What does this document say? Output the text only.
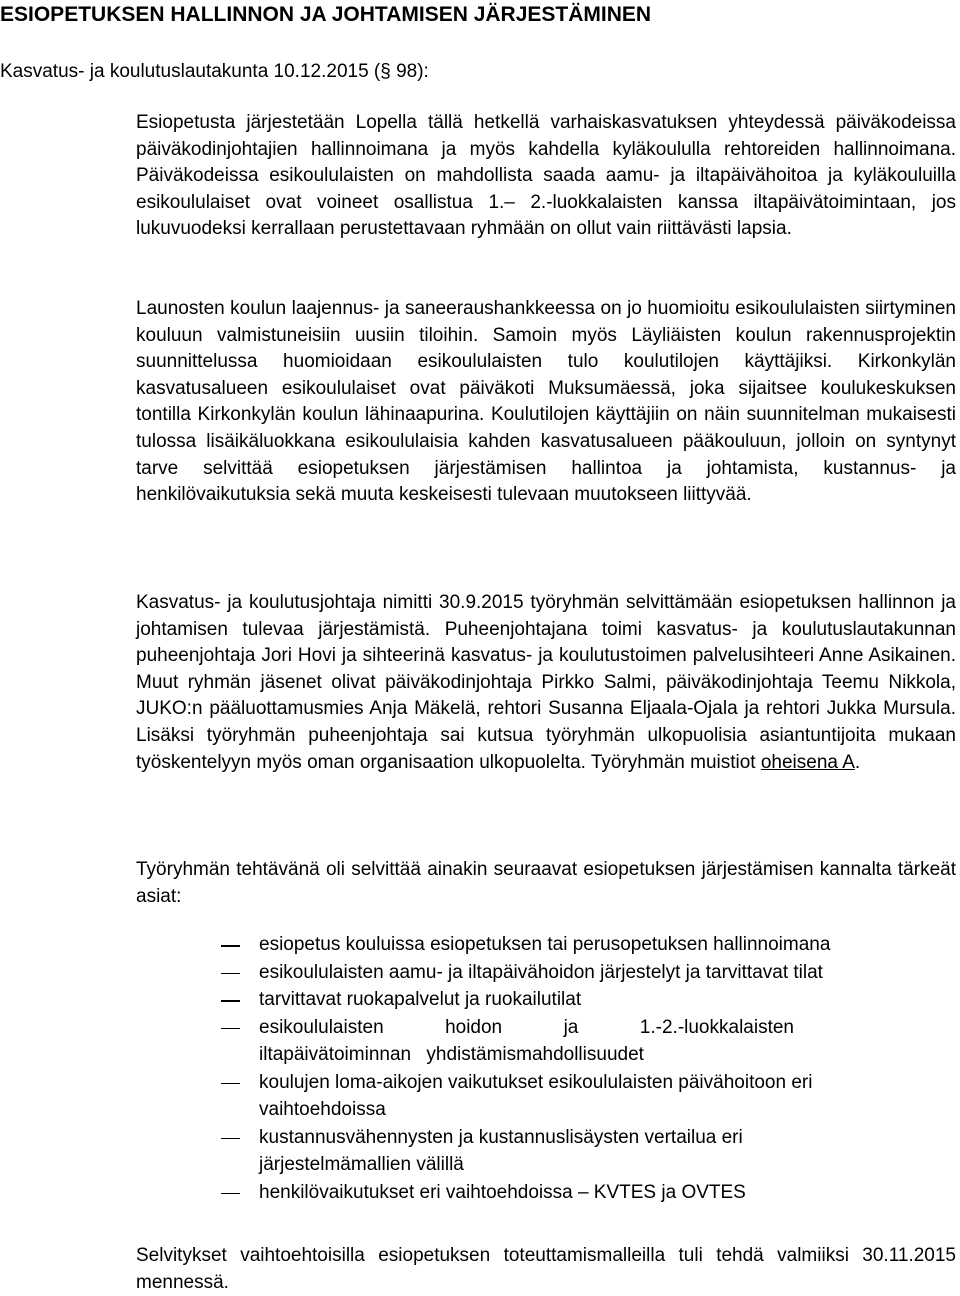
ESIOPETUKSEN HALLINNON JA JOHTAMISEN JÄRJESTÄMINEN
Kasvatus- ja koulutuslautakunta 10.12.2015 (§ 98):

Esiopetusta järjestetään Lopella tällä hetkellä varhaiskasvatuksen yhteydessä päiväkodeissa päiväkodinjohtajien hallinnoimana ja myös kahdella kyläkoululla rehtoreiden hallinnoimana. Päiväkodeissa esikoululaisten on mahdollista saada aamu- ja iltapäivähoitoa ja kyläkouluilla esikoululaiset ovat voineet osallistua 1.– 2.-luokkalaisten kanssa iltapäivätoimintaan, jos lukuvuodeksi kerrallaan perustettavaan ryhmään on ollut vain riittävästi lapsia.

Launosten koulun laajennus- ja saneeraushankkeessa on jo huomioitu esikoululaisten siirtyminen kouluun valmistuneisiin uusiin tiloihin. Samoin myös Läyliäisten koulun rakennusprojektin suunnittelussa huomioidaan esikoululaisten tulo koulutilojen käyttäjiksi. Kirkonkylän kasvatusalueen esikoululaiset ovat päiväkoti Muksumäessä, joka sijaitsee koulukeskuksen tontilla Kirkonkylän koulun lähinaapurina. Koulutilojen käyttäjiin on näin suunnitelman mukaisesti tulossa lisäikäluokkana esikoululaisia kahden kasvatusalueen pääkouluun, jolloin on syntynyt tarve selvittää esiopetuksen järjestämisen hallintoa ja johtamista, kustannus- ja henkilövaikutuksia sekä muuta keskeisesti tulevaan muutokseen liittyvää.

Kasvatus- ja koulutusjohtaja nimitti 30.9.2015 työryhmän selvittämään esiopetuksen hallinnon ja johtamisen tulevaa järjestämistä. Puheenjohtajana toimi kasvatus- ja koulutuslautakunnan puheenjohtaja Jori Hovi ja sihteerinä kasvatus- ja koulutustoimen palvelusihteeri Anne Asikainen. Muut ryhmän jäsenet olivat päiväkodinjohtaja Pirkko Salmi, päiväkodinjohtaja Teemu Nikkola, JUKO:n pääluottamusmies Anja Mäkelä, rehtori Susanna Eljaala-Ojala ja rehtori Jukka Mursula. Lisäksi työryhmän puheenjohtaja sai kutsua työryhmän ulkopuolisia asiantuntijoita mukaan työskentelyyn myös oman organisaation ulkopuolelta. Työryhmän muistiot oheisena A.

Työryhmän tehtävänä oli selvittää ainakin seuraavat esiopetuksen järjestämisen kannalta tärkeät asiat:

esiopetus kouluissa esiopetuksen tai perusopetuksen hallinnoimana
esikoululaisten aamu- ja iltapäivähoidon järjestelyt ja tarvittavat tilat
tarvittavat ruokapalvelut ja ruokailutilat
esikoululaisten hoidon ja 1.-2.-luokkalaisten iltapäivätoiminnan yhdistämismahdollisuudet
koulujen loma-aikojen vaikutukset esikoululaisten päivähoitoon eri vaihtoehdoissa
kustannusvähennysten ja kustannuslisäysten vertailua eri järjestelmämallien välillä
henkilövaikutukset eri vaihtoehdoissa – KVTES ja OVTES

Selvitykset vaihtoehtoisilla esiopetuksen toteuttamismalleilla tuli tehdä valmiiksi 30.11.2015 mennessä.
